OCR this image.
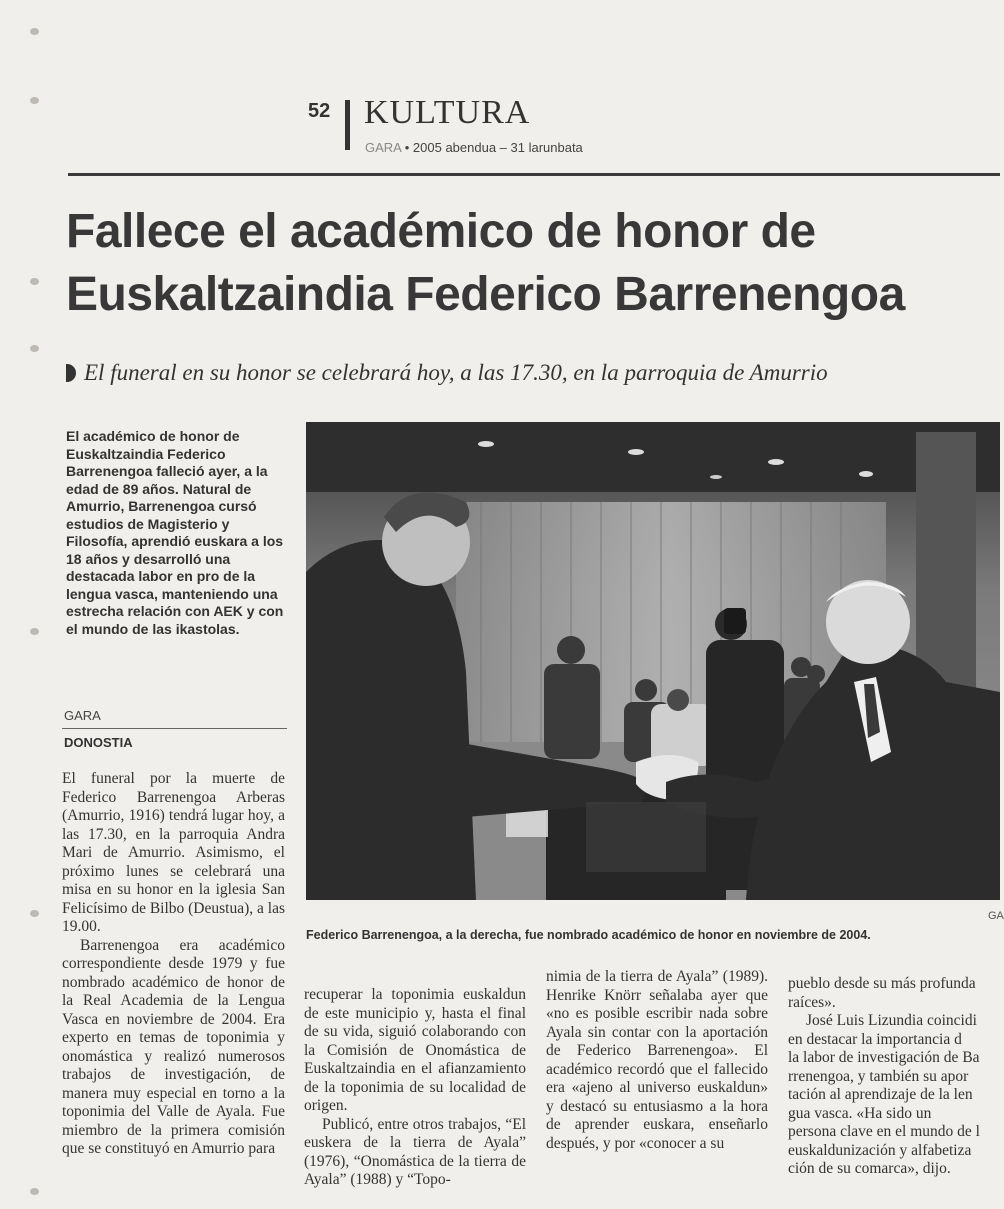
52 KULTURA
GARA • 2005 abendua – 31 larunbata
Fallece el académico de honor de
Euskaltzaindia Federico Barrenengoa
El funeral en su honor se celebrará hoy, a las 17.30, en la parroquia de Amurrio

El académico de honor de Euskaltzaindia Federico Barrenengoa falleció ayer, a la edad de 89 años. Natural de Amurrio, Barrenengoa cursó estudios de Magisterio y Filosofía, aprendió euskara a los 18 años y desarrolló una destacada labor en pro de la lengua vasca, manteniendo una estrecha relación con AEK y con el mundo de las ikastolas.

GARA
DONOSTIA

El funeral por la muerte de Federico Barrenengoa Arberas (Amurrio, 1916) tendrá lugar hoy, a las 17.30, en la parroquia Andra Mari de Amurrio. Asimismo, el próximo lunes se celebrará una misa en su honor en la iglesia San Felicísimo de Bilbo (Deustua), a las 19.00.

Barrenengoa era académico correspondiente desde 1979 y fue nombrado académico de honor de la Real Academia de la Lengua Vasca en noviembre de 2004. Era experto en temas de toponimia y onomástica y realizó numerosos trabajos de investigación, de manera muy especial en torno a la toponimia del Valle de Ayala. Fue miembro de la primera comisión que se constituyó en Amurrio para

GA
Federico Barrenengoa, a la derecha, fue nombrado académico de honor en noviembre de 2004.

recuperar la toponimia euskaldun de este municipio y, hasta el final de su vida, siguió colaborando con la Comisión de Onomástica de Euskaltzaindia en el afianzamiento de la toponimia de su localidad de origen.

Publicó, entre otros trabajos, “El euskera de la tierra de Ayala” (1976), “Onomástica de la tierra de Ayala” (1988) y “Topo-

nimia de la tierra de Ayala” (1989). Henrike Knörr señalaba ayer que «no es posible escribir nada sobre Ayala sin contar con la aportación de Federico Barrenengoa». El académico recordó que el fallecido era «ajeno al universo euskaldun» y destacó su entusiasmo a la hora de aprender euskara, enseñarlo después, y por «conocer a su

pueblo desde su más profunda
raíces».
José Luis Lizundia coincidi
en destacar la importancia d
la labor de investigación de Ba
rrenengoa, y también su apor
tación al aprendizaje de la len
gua vasca. «Ha sido un
persona clave en el mundo de l
euskaldunización y alfabetiza
ción de su comarca», dijo.
